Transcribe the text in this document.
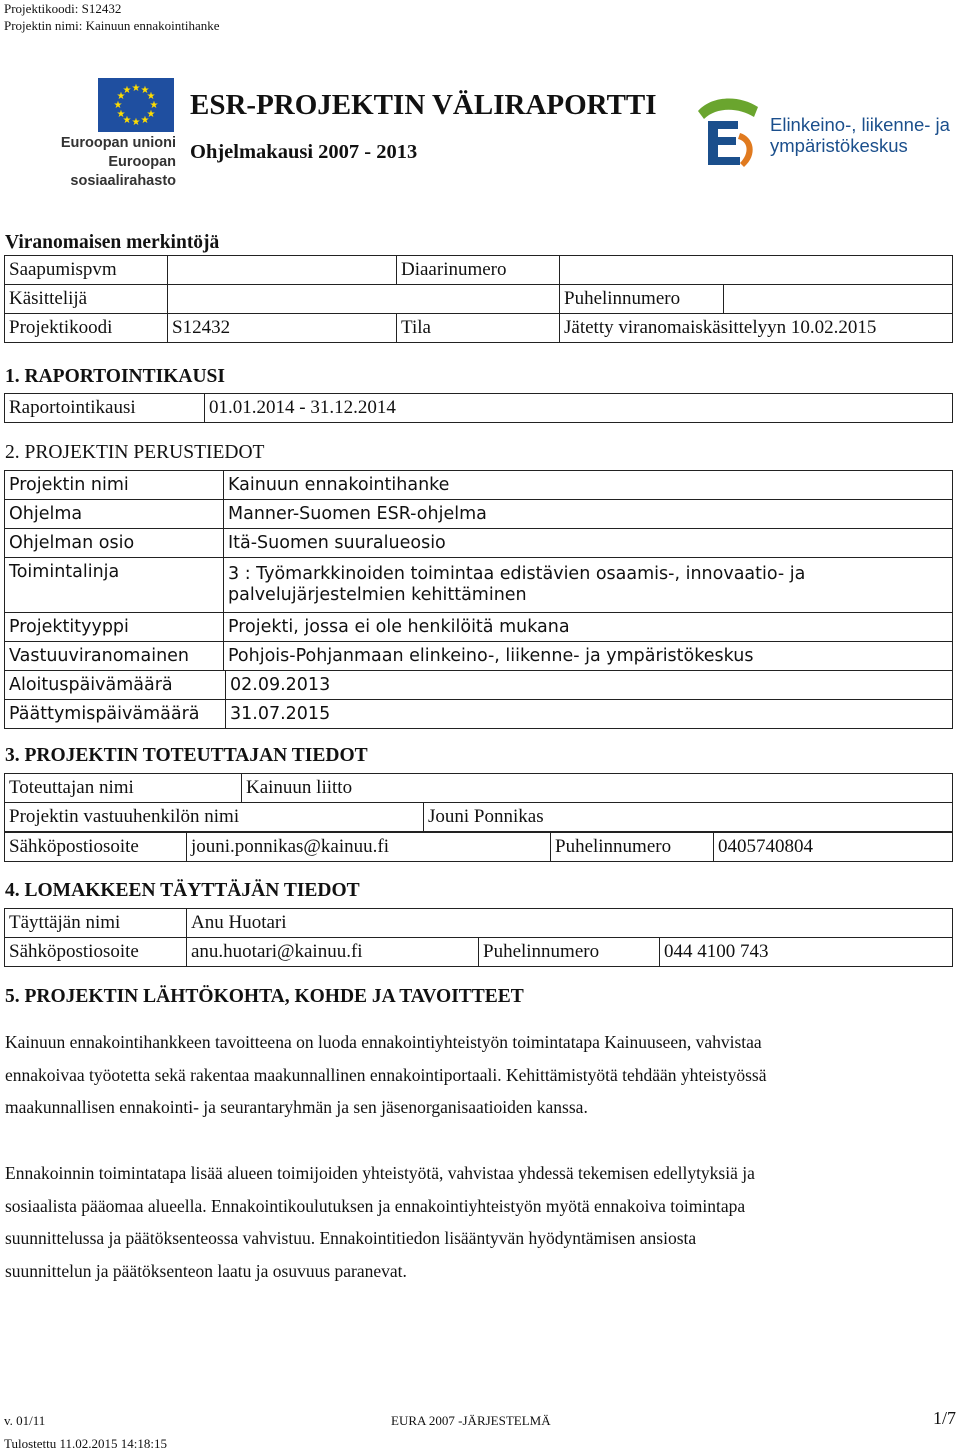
Projektikoodi: S12432
Projektin nimi: Kainuun ennakointihanke
★ ★
★
★
★
★
★
★
★
★
★
★
Euroopan unioni
Euroopan sosiaalirahasto
ESR-PROJEKTIN VÄLIRAPORTTI
Ohjelmakausi 2007 - 2013
Elinkeino-, liikenne- ja
ympäristökeskus
Viranomaisen merkintöjä
Saapumispvm		Diaarinumero		
Käsittelijä			Puhelinnumero	
Projektikoodi	S12432	Tila	Jätetty viranomaiskäsittelyyn 10.02.2015	
1. RAPORTOINTIKAUSI
Raportointikausi	01.01.2014 - 31.12.2014
2. PROJEKTIN PERUSTIEDOT
Projektin nimi	Kainuun ennakointihanke
Ohjelma	Manner-Suomen ESR-ohjelma
Ohjelman osio	Itä-Suomen suuralueosio
Toimintalinja	3 : Työmarkkinoiden toimintaa edistävien osaamis-, innovaatio- ja
palvelujärjestelmien kehittäminen

Projektityyppi	Projekti, jossa ei ole henkilöitä mukana
Vastuuviranomainen	Pohjois-Pohjanmaan elinkeino-, liikenne- ja ympäristökeskus
Aloituspäivämäärä	02.09.2013
Päättymispäivämäärä	31.07.2015
3. PROJEKTIN TOTEUTTAJAN TIEDOT
Toteuttajan nimi	Kainuun liitto
Projektin vastuuhenkilön nimi	Jouni Ponnikas
Sähköpostiosoite	jouni.ponnikas@kainuu.fi	Puhelinnumero	0405740804
4. LOMAKKEEN TÄYTTÄJÄN TIEDOT
Täyttäjän nimi	Anu Huotari		
Sähköpostiosoite	anu.huotari@kainuu.fi	Puhelinnumero	044 4100 743
5. PROJEKTIN LÄHTÖKOHTA, KOHDE JA TAVOITTEET
Kainuun ennakointihankkeen tavoitteena on luoda ennakointiyhteistyön toimintatapa Kainuuseen, vahvistaa
ennakoivaa työotetta sekä rakentaa maakunnallinen ennakointiportaali. Kehittämistyötä tehdään yhteistyössä
maakunnallisen ennakointi- ja seurantaryhmän ja sen jäsenorganisaatioiden kanssa.
Ennakoinnin toimintatapa lisää alueen toimijoiden yhteistyötä, vahvistaa yhdessä tekemisen edellytyksiä ja
sosiaalista pääomaa alueella. Ennakointikoulutuksen ja ennakointiyhteistyön myötä ennakoiva toimintapa
suunnittelussa ja päätöksenteossa vahvistuu. Ennakointitiedon lisääntyvän hyödyntämisen ansiosta
suunnittelun ja päätöksenteon laatu ja osuvuus paranevat.
v. 01/11	EURA 2007 -JÄRJESTELMÄ	1/7
Tulostettu 11.02.2015 14:18:15
